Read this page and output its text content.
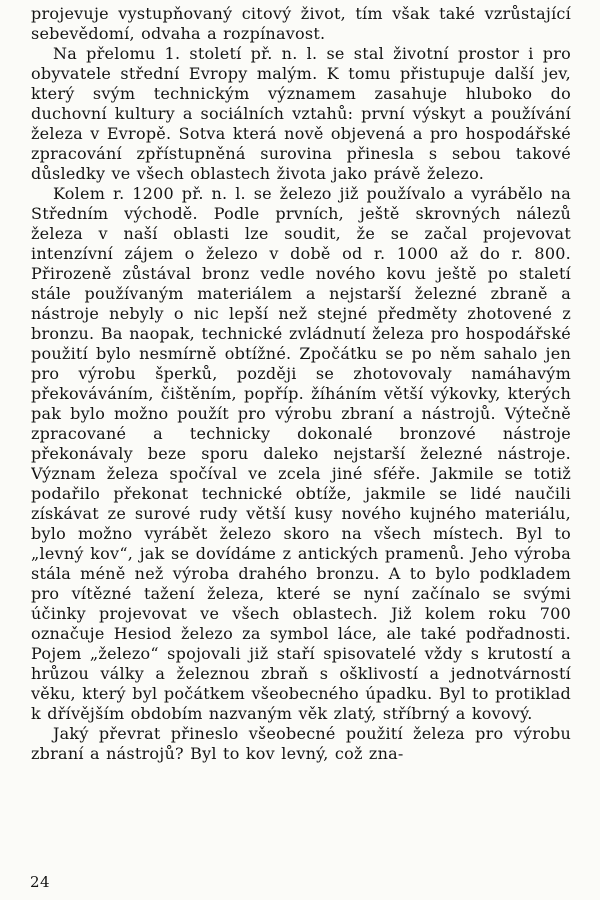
projevuje vystupňovaný citový život, tím však také vzrůstající sebevědomí, odvaha a rozpínavost.

Na přelomu 1. století př. n. l. se stal životní prostor i pro obyvatele střední Evropy malým. K tomu přistupuje další jev, který svým technickým významem zasahuje hluboko do duchovní kultury a sociálních vztahů: první výskyt a používání železa v Evropě. Sotva která nově objevená a pro hospodářské zpracování zpřístupněná surovina přinesla s sebou takové důsledky ve všech oblastech života jako právě železo.

Kolem r. 1200 př. n. l. se železo již používalo a vyrábělo na Středním východě. Podle prvních, ještě skrovných nálezů železa v naší oblasti lze soudit, že se začal projevovat intenzívní zájem o železo v době od r. 1000 až do r. 800. Přirozeně zůstával bronz vedle nového kovu ještě po staletí stále používaným materiálem a nejstarší železné zbraně a nástroje nebyly o nic lepší než stejné předměty zhotovené z bronzu. Ba naopak, technické zvládnutí železa pro hospodářské použití bylo nesmírně obtížné. Zpočátku se po něm sahalo jen pro výrobu šperků, později se zhotovovaly namáhavým překováváním, čištěním, popříp. žíháním větší výkovky, kterých pak bylo možno použít pro výrobu zbraní a nástrojů. Výtečně zpracované a technicky dokonalé bronzové nástroje překonávaly beze sporu daleko nejstarší železné nástroje. Význam železa spočíval ve zcela jiné sféře. Jakmile se totiž podařilo překonat technické obtíže, jakmile se lidé naučili získávat ze surové rudy větší kusy nového kujného materiálu, bylo možno vyrábět železo skoro na všech místech. Byl to „levný kov“, jak se dovídáme z antických pramenů. Jeho výroba stála méně než výroba drahého bronzu. A to bylo podkladem pro vítězné tažení železa, které se nyní začínalo se svými účinky projevovat ve všech oblastech. Již kolem roku 700 označuje Hesiod železo za symbol láce, ale také podřadnosti. Pojem „železo“ spojovali již staří spisovatelé vždy s krutostí a hrůzou války a železnou zbraň s ošklivostí a jednotvárností věku, který byl počátkem všeobecného úpadku. Byl to protiklad k dřívějším obdobím nazvaným věk zlatý, stříbrný a kovový.

Jaký převrat přineslo všeobecné použití železa pro výrobu zbraní a nástrojů? Byl to kov levný, což zna-

24
